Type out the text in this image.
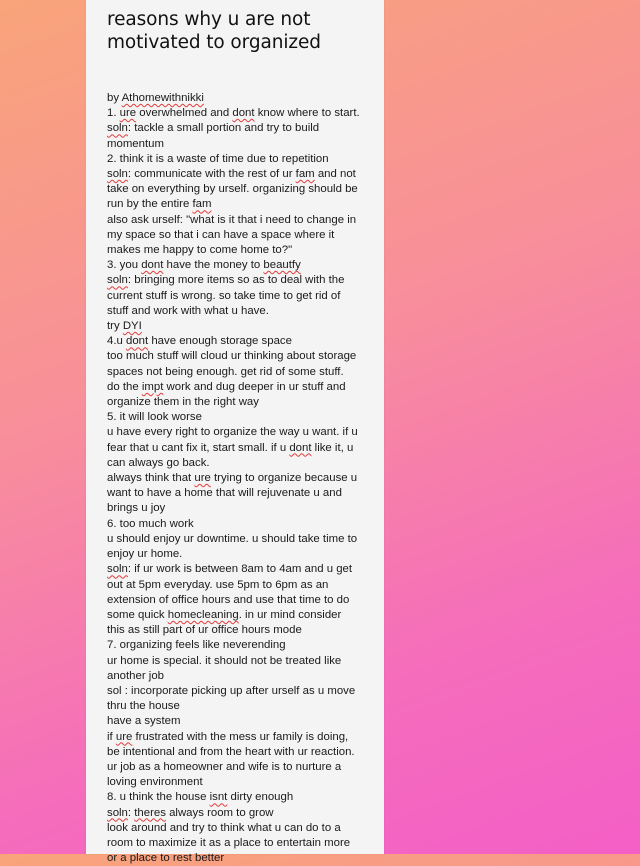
reasons why u are not
motivated to organized
by Athomewithnikki
1. ure overwhelmed and dont know where to start.
soln: tackle a small portion and try to build
momentum
2. think it is a waste of time due to repetition
soln: communicate with the rest of ur fam and not
take on everything by urself. organizing should be
run by the entire fam
also ask urself: "what is it that i need to change in
my space so that i can have a space where it
makes me happy to come home to?"
3. you dont have the money to beautfy
soln: bringing more items so as to deal with the
current stuff is wrong. so take time to get rid of
stuff and work with what u have.
try DYI
4.u dont have enough storage space
too much stuff will cloud ur thinking about storage
spaces not being enough. get rid of some stuff.
do the impt work and dug deeper in ur stuff and
organize them in the right way
5. it will look worse
u have every right to organize the way u want. if u
fear that u cant fix it, start small. if u dont like it, u
can always go back.
always think that ure trying to organize because u
want to have a home that will rejuvenate u and
brings u joy
6. too much work
u should enjoy ur downtime. u should take time to
enjoy ur home.
soln: if ur work is between 8am to 4am and u get
out at 5pm everyday. use 5pm to 6pm as an
extension of office hours and use that time to do
some quick homecleaning. in ur mind consider
this as still part of ur office hours mode
7. organizing feels like neverending
ur home is special. it should not be treated like
another job
sol : incorporate picking up after urself as u move
thru the house
have a system
if ure frustrated with the mess ur family is doing,
be intentional and from the heart with ur reaction.
ur job as a homeowner and wife is to nurture a
loving environment
8. u think the house isnt dirty enough
soln: theres always room to grow
look around and try to think what u can do to a
room to maximize it as a place to entertain more
or a place to rest better
